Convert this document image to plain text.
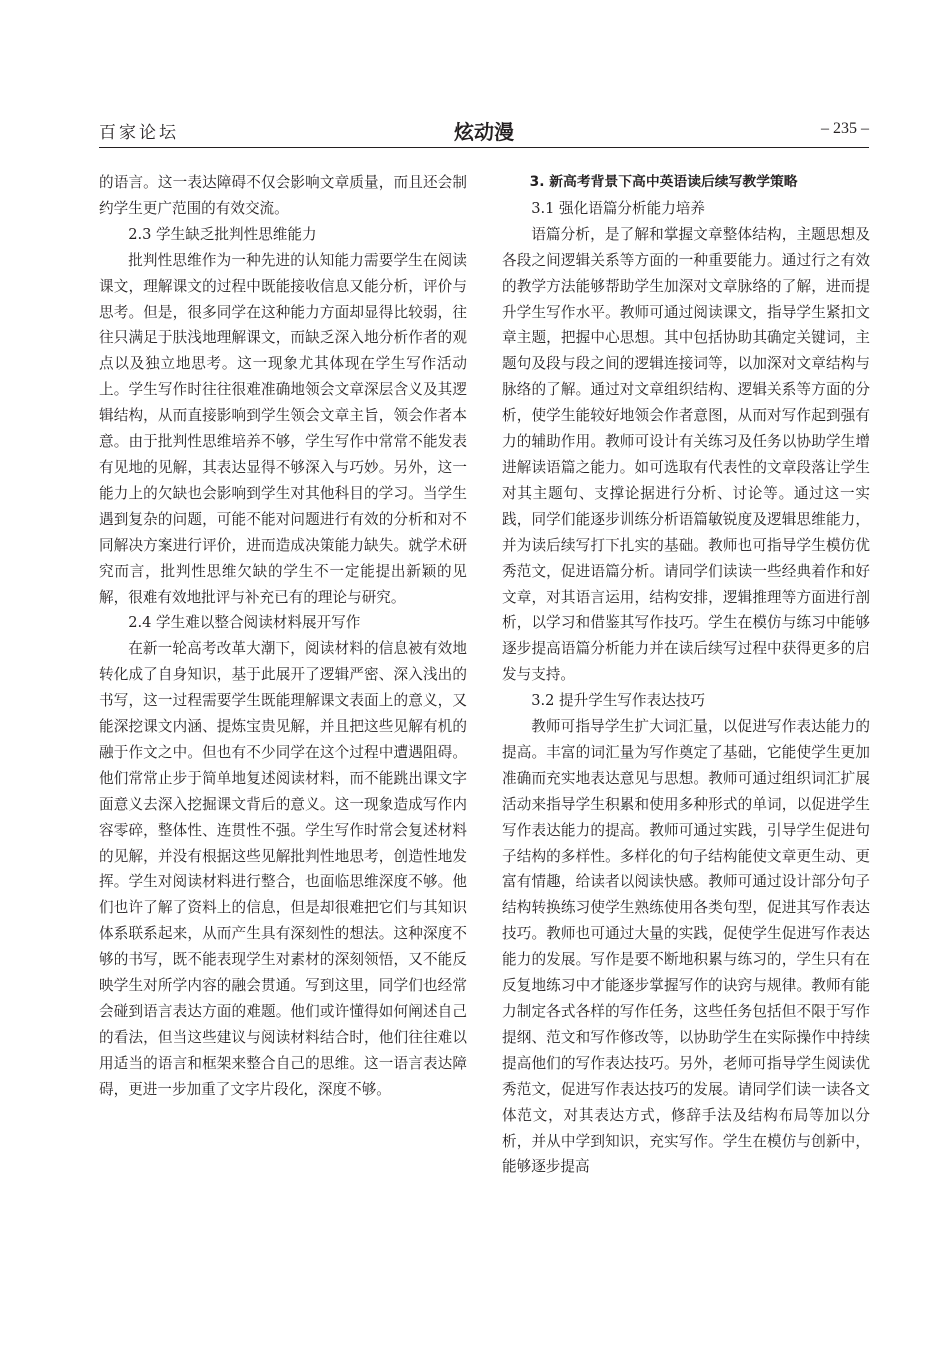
百家论坛	炫动漫	– 235 –

的语言。这一表达障碍不仅会影响文章质量，而且还会制约学生更广范围的有效交流。

2.3 学生缺乏批判性思维能力

批判性思维作为一种先进的认知能力需要学生在阅读课文，理解课文的过程中既能接收信息又能分析，评价与思考。但是，很多同学在这种能力方面却显得比较弱，往往只满足于肤浅地理解课文，而缺乏深入地分析作者的观点以及独立地思考。这一现象尤其体现在学生写作活动上。学生写作时往往很难准确地领会文章深层含义及其逻辑结构，从而直接影响到学生领会文章主旨，领会作者本意。由于批判性思维培养不够，学生写作中常常不能发表有见地的见解，其表达显得不够深入与巧妙。另外，这一能力上的欠缺也会影响到学生对其他科目的学习。当学生遇到复杂的问题，可能不能对问题进行有效的分析和对不同解决方案进行评价，进而造成决策能力缺失。就学术研究而言，批判性思维欠缺的学生不一定能提出新颖的见解，很难有效地批评与补充已有的理论与研究。

2.4 学生难以整合阅读材料展开写作

在新一轮高考改革大潮下，阅读材料的信息被有效地转化成了自身知识，基于此展开了逻辑严密、深入浅出的书写，这一过程需要学生既能理解课文表面上的意义，又能深挖课文内涵、提炼宝贵见解，并且把这些见解有机的融于作文之中。但也有不少同学在这个过程中遭遇阻碍。他们常常止步于简单地复述阅读材料，而不能跳出课文字面意义去深入挖掘课文背后的意义。这一现象造成写作内容零碎，整体性、连贯性不强。学生写作时常会复述材料的见解，并没有根据这些见解批判性地思考，创造性地发挥。学生对阅读材料进行整合，也面临思维深度不够。他们也许了解了资料上的信息，但是却很难把它们与其知识体系联系起来，从而产生具有深刻性的想法。这种深度不够的书写，既不能表现学生对素材的深刻领悟，又不能反映学生对所学内容的融会贯通。写到这里，同学们也经常会碰到语言表达方面的难题。他们或许懂得如何阐述自己的看法，但当这些建议与阅读材料结合时，他们往往难以用适当的语言和框架来整合自己的思维。这一语言表达障碍，更进一步加重了文字片段化，深度不够。

3. 新高考背景下高中英语读后续写教学策略

3.1 强化语篇分析能力培养

语篇分析，是了解和掌握文章整体结构，主题思想及各段之间逻辑关系等方面的一种重要能力。通过行之有效的教学方法能够帮助学生加深对文章脉络的了解，进而提升学生写作水平。教师可通过阅读课文，指导学生紧扣文章主题，把握中心思想。其中包括协助其确定关键词，主题句及段与段之间的逻辑连接词等，以加深对文章结构与脉络的了解。通过对文章组织结构、逻辑关系等方面的分析，使学生能较好地领会作者意图，从而对写作起到强有力的辅助作用。教师可设计有关练习及任务以协助学生增进解读语篇之能力。如可选取有代表性的文章段落让学生对其主题句、支撑论据进行分析、讨论等。通过这一实践，同学们能逐步训练分析语篇敏锐度及逻辑思维能力，并为读后续写打下扎实的基础。教师也可指导学生模仿优秀范文，促进语篇分析。请同学们读读一些经典着作和好文章，对其语言运用，结构安排，逻辑推理等方面进行剖析，以学习和借鉴其写作技巧。学生在模仿与练习中能够逐步提高语篇分析能力并在读后续写过程中获得更多的启发与支持。

3.2 提升学生写作表达技巧

教师可指导学生扩大词汇量，以促进写作表达能力的提高。丰富的词汇量为写作奠定了基础，它能使学生更加准确而充实地表达意见与思想。教师可通过组织词汇扩展活动来指导学生积累和使用多种形式的单词，以促进学生写作表达能力的提高。教师可通过实践，引导学生促进句子结构的多样性。多样化的句子结构能使文章更生动、更富有情趣，给读者以阅读快感。教师可通过设计部分句子结构转换练习使学生熟练使用各类句型，促进其写作表达技巧。教师也可通过大量的实践，促使学生促进写作表达能力的发展。写作是要不断地积累与练习的，学生只有在反复地练习中才能逐步掌握写作的诀窍与规律。教师有能力制定各式各样的写作任务，这些任务包括但不限于写作提纲、范文和写作修改等，以协助学生在实际操作中持续提高他们的写作表达技巧。另外，老师可指导学生阅读优秀范文，促进写作表达技巧的发展。请同学们读一读各文体范文，对其表达方式，修辞手法及结构布局等加以分析，并从中学到知识，充实写作。学生在模仿与创新中，能够逐步提高
